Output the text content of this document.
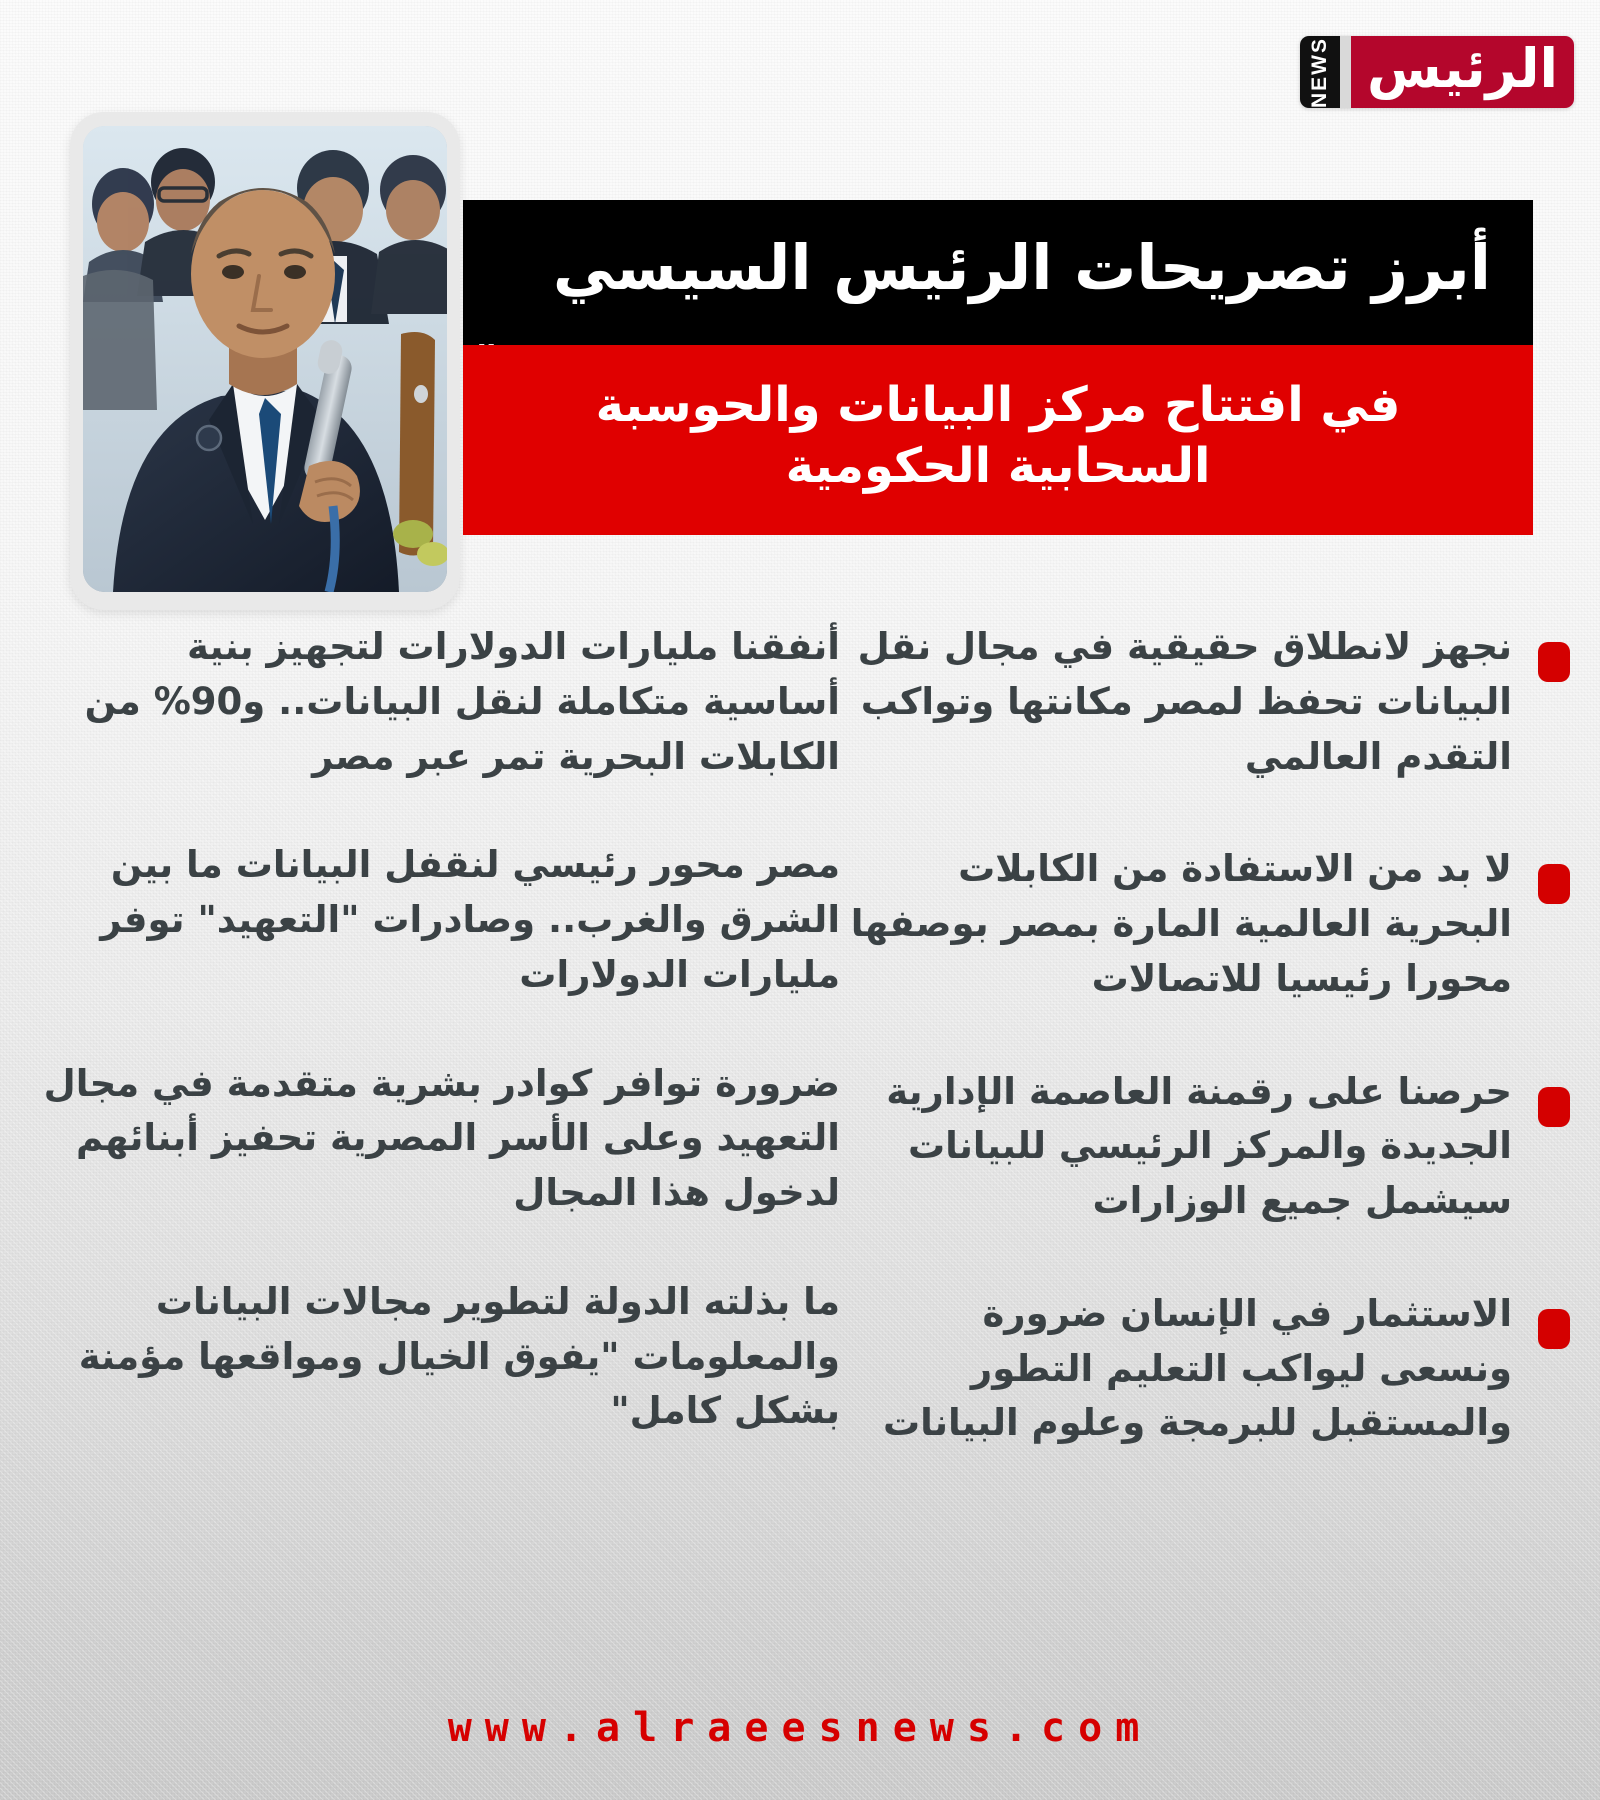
الرئيس
NEWS
أبرز تصريحات الرئيس السيسي
في افتتاح مركز البيانات والحوسبة السحابية الحكومية
نجهز لانطلاق حقيقية في مجال نقل البيانات تحفظ لمصر مكانتها وتواكب التقدم العالمي
لا بد من الاستفادة من الكابلات البحرية العالمية المارة بمصر بوصفها محورا رئيسيا للاتصالات
حرصنا على رقمنة العاصمة الإدارية الجديدة والمركز الرئيسي للبيانات سيشمل جميع الوزارات
الاستثمار في الإنسان ضرورة ونسعى ليواكب التعليم التطور والمستقبل للبرمجة وعلوم البيانات
أنفقنا مليارات الدولارات لتجهيز بنية أساسية متكاملة لنقل البيانات.. و90% من الكابلات البحرية تمر عبر مصر
مصر محور رئيسي لنقفل البيانات ما بين الشرق والغرب.. وصادرات "التعهيد" توفر مليارات الدولارات
ضرورة توافر كوادر بشرية متقدمة في مجال التعهيد وعلى الأسر المصرية تحفيز أبنائهم لدخول هذا المجال
ما بذلته الدولة لتطوير مجالات البيانات والمعلومات "يفوق الخيال ومواقعها مؤمنة بشكل كامل"
www.alraeesnews.com
